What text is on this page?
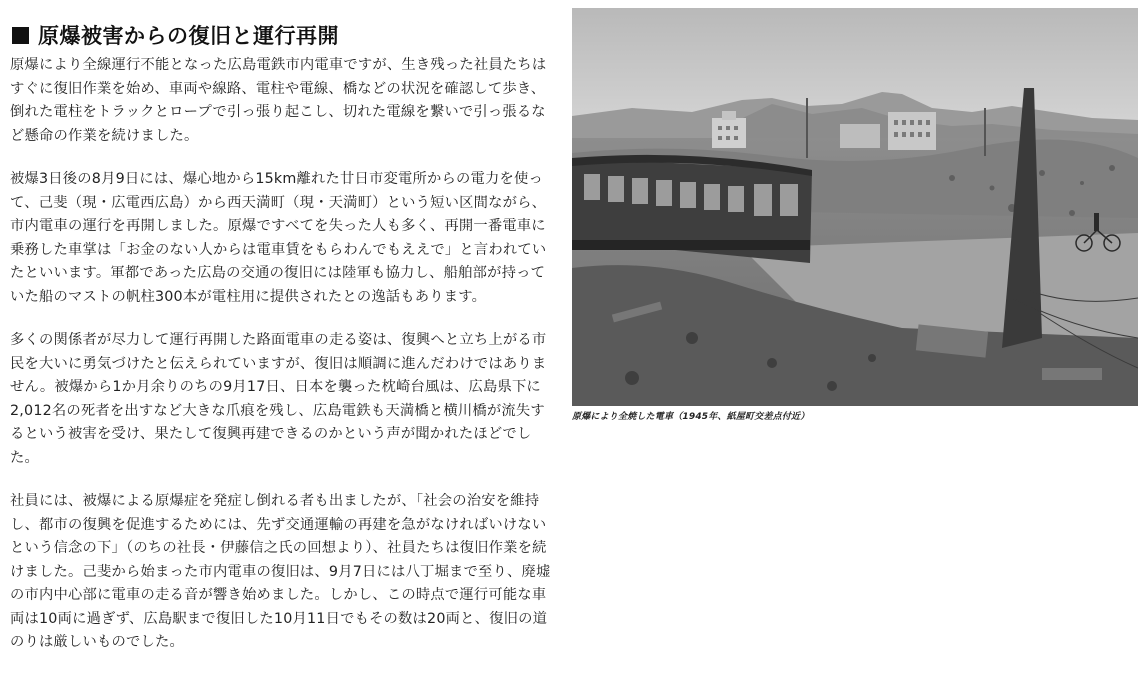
原爆被害からの復旧と運行再開

原爆により全線運行不能となった広島電鉄市内電車ですが、生き残った社員たちはすぐに復旧作業を始め、車両や線路、電柱や電線、橋などの状況を確認して歩き、倒れた電柱をトラックとロープで引っ張り起こし、切れた電線を繋いで引っ張るなど懸命の作業を続けました。

被爆3日後の8月9日には、爆心地から15km離れた廿日市変電所からの電力を使って、己斐（現・広電西広島）から西天満町（現・天満町）という短い区間ながら、市内電車の運行を再開しました。原爆ですべてを失った人も多く、再開一番電車に乗務した車掌は「お金のない人からは電車賃をもらわんでもええで」と言われていたといいます。軍都であった広島の交通の復旧には陸軍も協力し、船舶部が持っていた船のマストの帆柱300本が電柱用に提供されたとの逸話もあります。

多くの関係者が尽力して運行再開した路面電車の走る姿は、復興へと立ち上がる市民を大いに勇気づけたと伝えられていますが、復旧は順調に進んだわけではありません。被爆から1か月余りのちの9月17日、日本を襲った枕崎台風は、広島県下に2,012名の死者を出すなど大きな爪痕を残し、広島電鉄も天満橋と横川橋が流失するという被害を受け、果たして復興再建できるのかという声が聞かれたほどでした。

社員には、被爆による原爆症を発症し倒れる者も出ましたが、「社会の治安を維持し、都市の復興を促進するためには、先ず交通運輸の再建を急がなければいけないという信念の下」（のちの社長・伊藤信之氏の回想より）、社員たちは復旧作業を続けました。己斐から始まった市内電車の復旧は、9月7日には八丁堀まで至り、廃墟の市内中心部に電車の走る音が響き始めました。しかし、この時点で運行可能な車両は10両に過ぎず、広島駅まで復旧した10月11日でもその数は20両と、復旧の道のりは厳しいものでした。

原爆により全焼した電車（1945年、紙屋町交差点付近）
